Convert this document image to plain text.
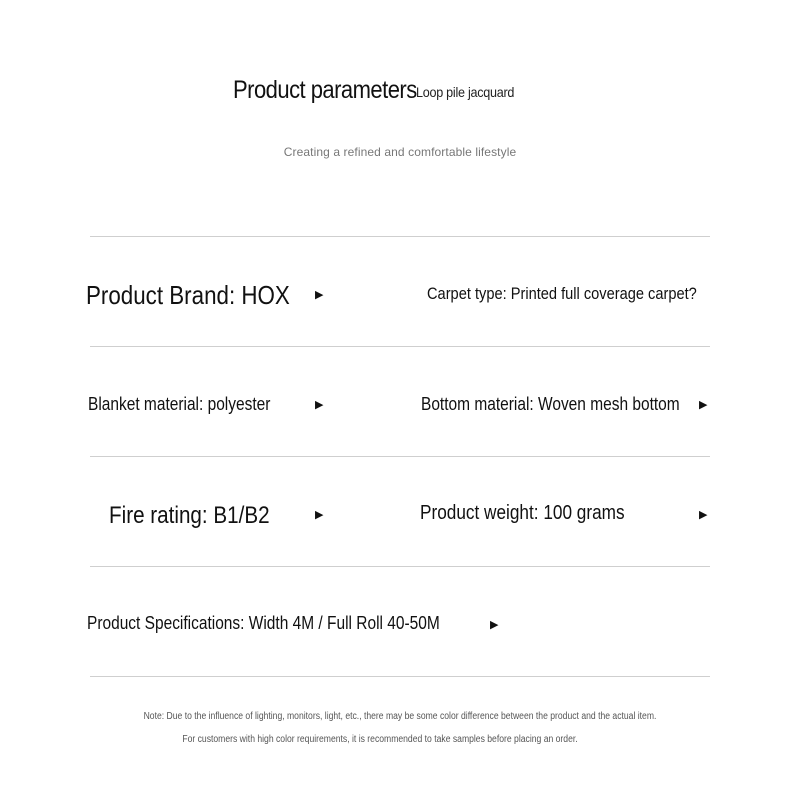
Product parameters Loop pile jacquard
Creating a refined and comfortable lifestyle
Product Brand: HOX ▶	Carpet type: Printed full coverage carpet?
Blanket material: polyester	▶	Bottom material: Woven mesh bottom ▶
Fire rating: B1/B2	▶	Product weight: 100 grams	▶
Product Specifications: Width 4M / Full Roll 40-50M	▶
Note: Due to the influence of lighting, monitors, light, etc., there may be some color difference between the product and the actual item.
For customers with high color requirements, it is recommended to take samples before placing an order.
